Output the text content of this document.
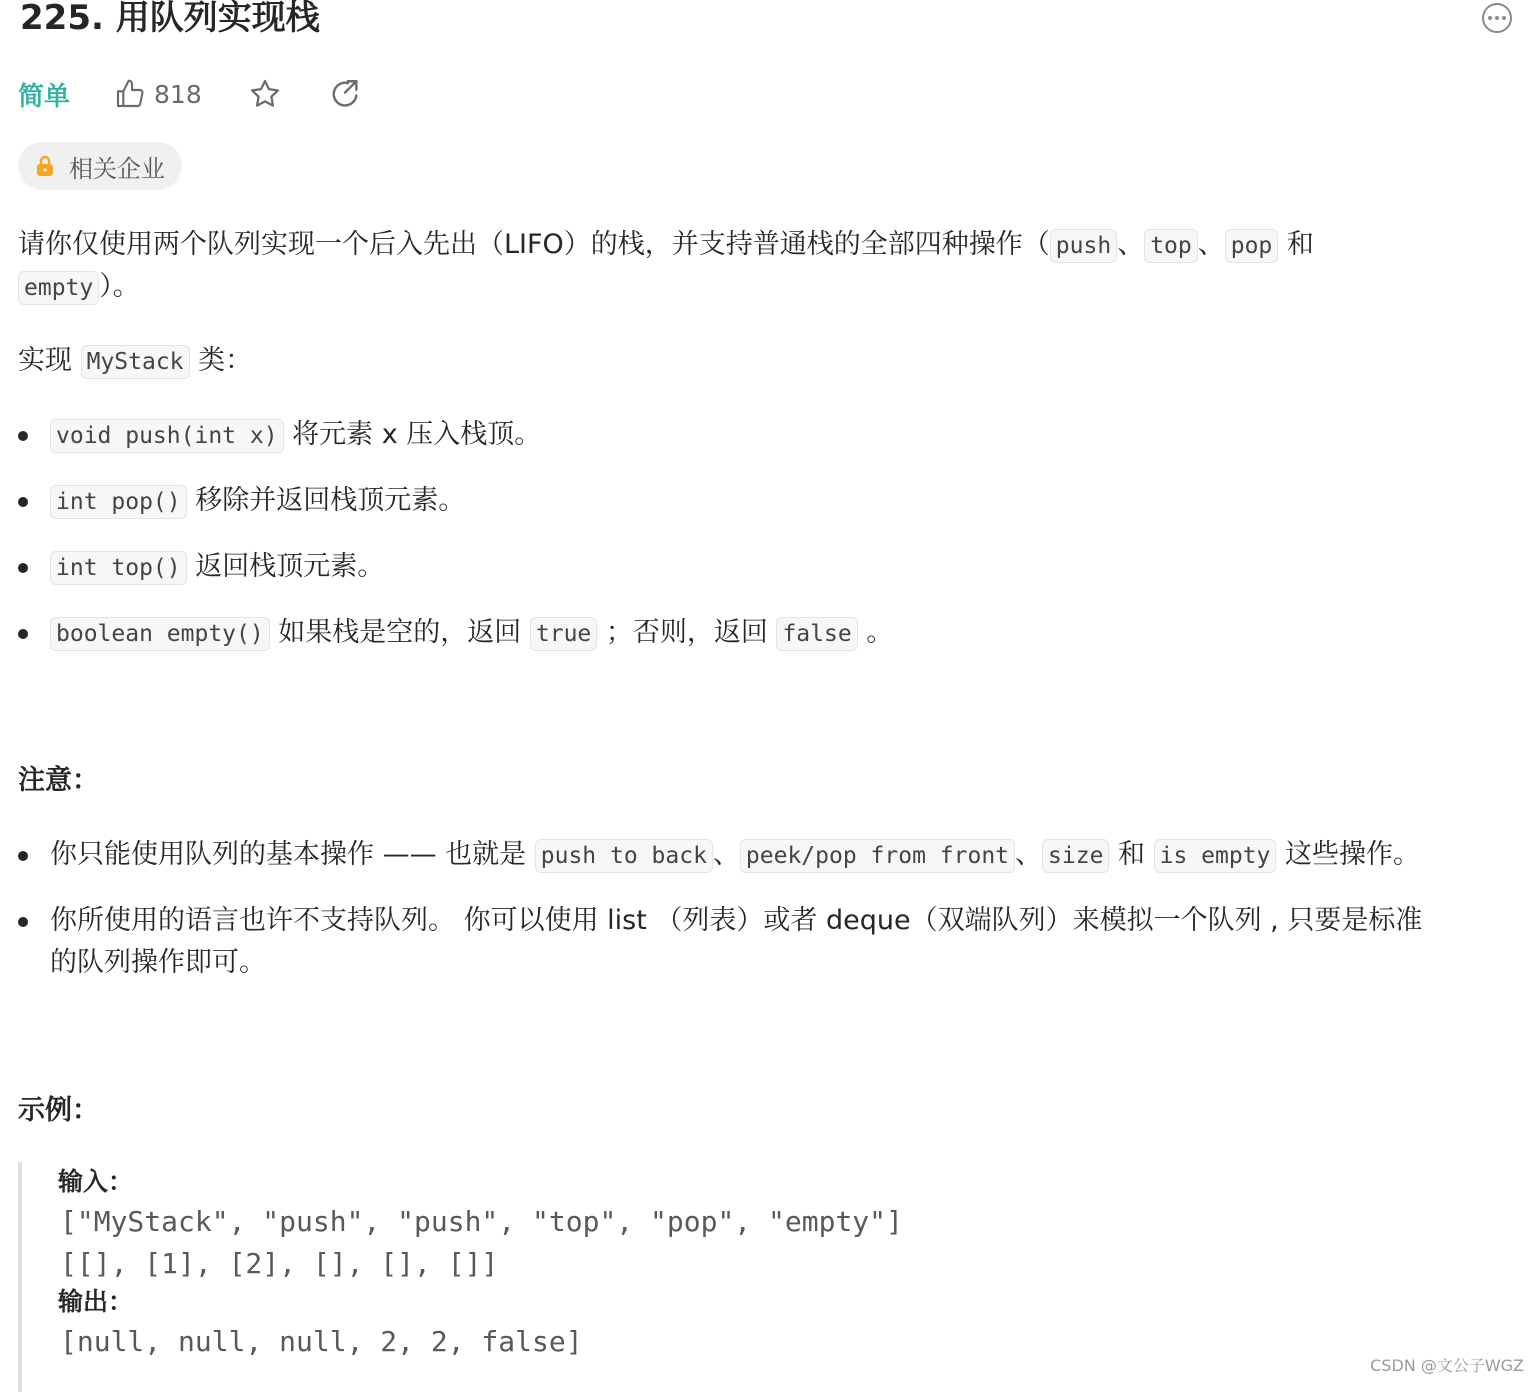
225. 用队列实现栈
简单	818
相关企业
请你仅使用两个队列实现一个后入先出（LIFO）的栈，并支持普通栈的全部四种操作（ push 、 top 、 pop 和
empty ）。
实现 MyStack 类：
void push(int x) 将元素 x 压入栈顶。
int pop() 移除并返回栈顶元素。
int top() 返回栈顶元素。
boolean empty() 如果栈是空的，返回 true ；否则，返回 false 。
注意：
你只能使用队列的基本操作 —— 也就是 push to back 、 peek/pop from front 、 size 和 is empty 这些操作。
你所使用的语言也许不支持队列。 你可以使用 list （列表）或者 deque（双端队列）来模拟一个队列 , 只要是标准
的队列操作即可。
示例：
输入：
["MyStack", "push", "push", "top", "pop", "empty"]
[[], [1], [2], [], [], []]
输出：
[null, null, null, 2, 2, false]
CSDN @文公子WGZ
